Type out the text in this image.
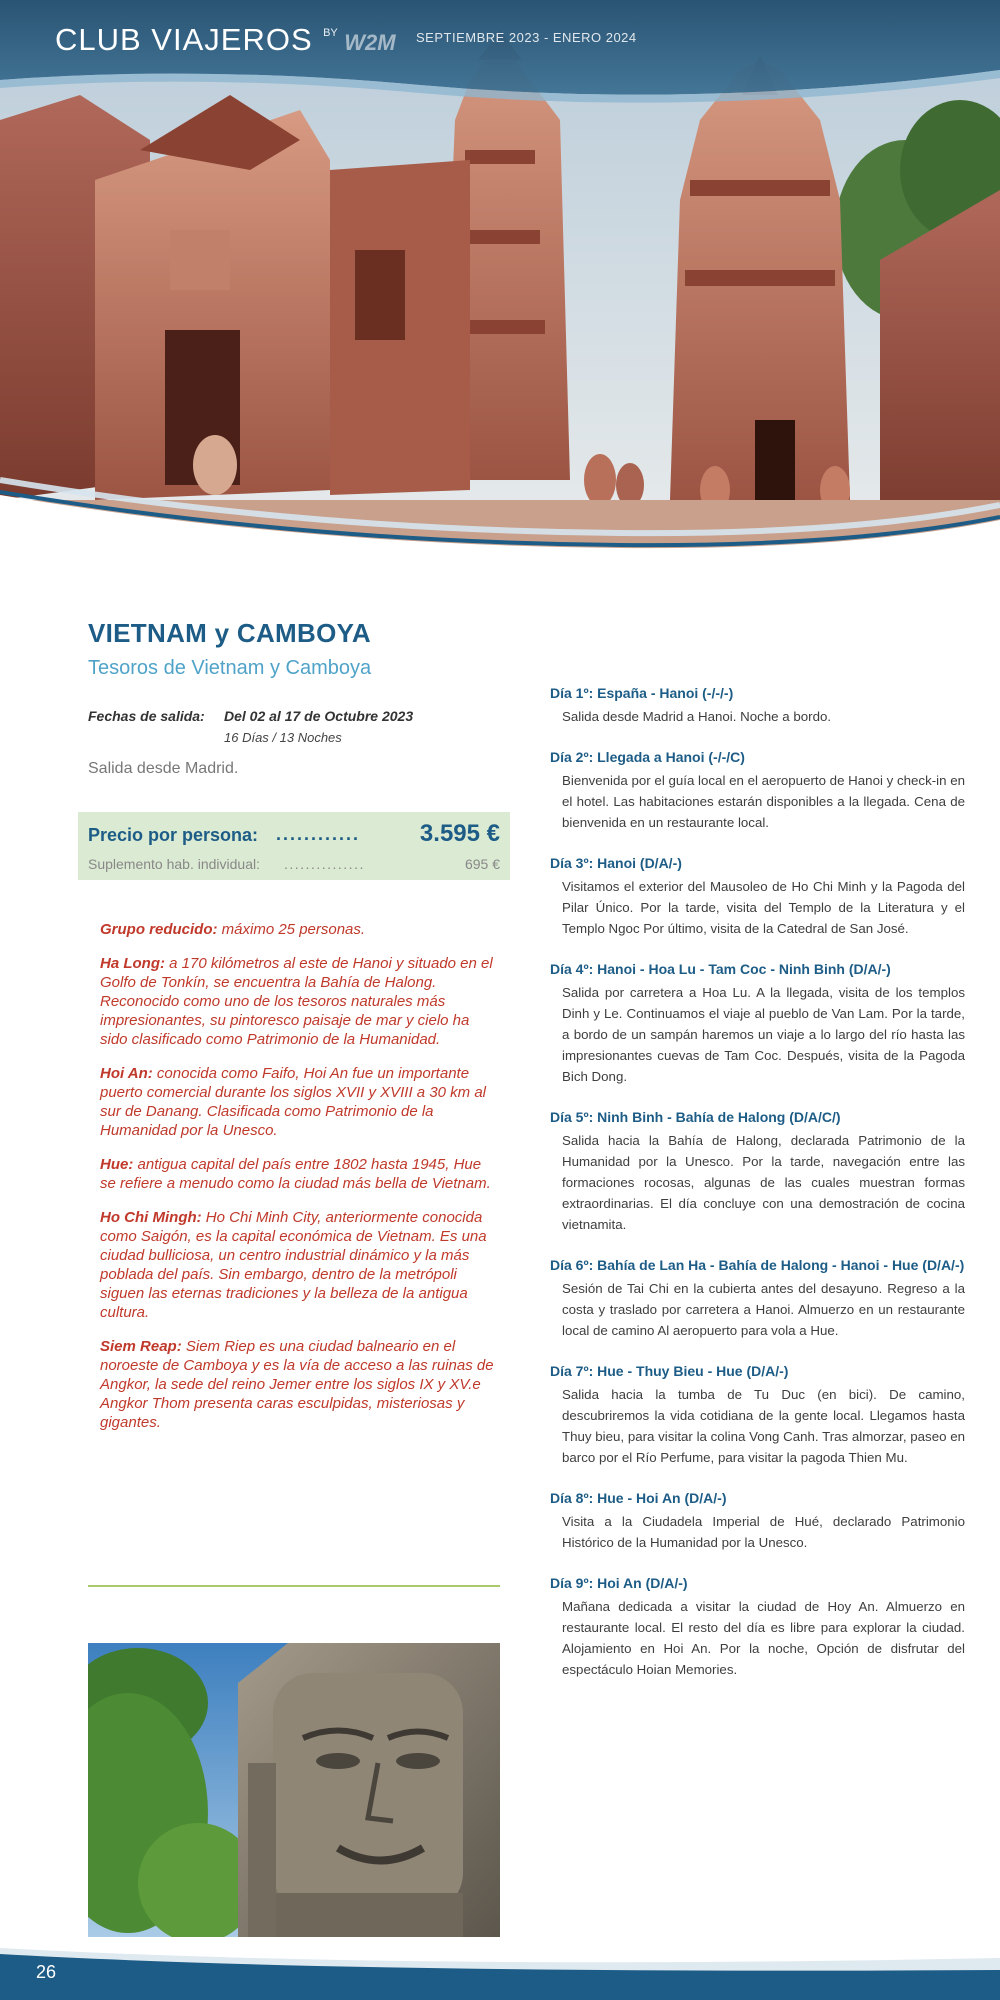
CLUB VIAJEROS $^{BY}$ W2M $^{SEPTIEMBRE 2023 - ENERO 2024}$
VIETNAM y CAMBOYA
Tesoros de Vietnam y Camboya
Fechas de salida: Del 02 al 17 de Octubre 2023
16 Días / 13 Noches
Salida desde Madrid.
Precio por persona: ............ 3.595 €
Suplemento hab. individual: ...............	695 €

Grupo reducido: máximo 25 personas.

Ha Long: a 170 kilómetros al este de Hanoi y situado en el Golfo de Tonkín, se encuentra la Bahía de Halong. Reconocido como uno de los tesoros naturales más impresionantes, su pintoresco paisaje de mar y cielo ha sido clasificado como Patrimonio de la Humanidad.

Hoi An: conocida como Faifo, Hoi An fue un importante puerto comercial durante los siglos XVII y XVIII a 30 km al sur de Danang. Clasificada como Patrimonio de la Humanidad por la Unesco.

Hue: antigua capital del país entre 1802 hasta 1945, Hue se refiere a menudo como la ciudad más bella de Vietnam.

Ho Chi Mingh: Ho Chi Minh City, anteriormente conocida como Saigón, es la capital económica de Vietnam. Es una ciudad bulliciosa, un centro industrial dinámico y la más poblada del país. Sin embargo, dentro de la metrópoli siguen las eternas tradiciones y la belleza de la antigua cultura.

Siem Reap: Siem Riep es una ciudad balneario en el noroeste de Camboya y es la vía de acceso a las ruinas de Angkor, la sede del reino Jemer entre los siglos IX y XV.e Angkor Thom presenta caras esculpidas, misteriosas y gigantes.

Día 1º: España - Hanoi (-/-/-)
Salida desde Madrid a Hanoi. Noche a bordo.
Día 2º: Llegada a Hanoi (-/-/C)
Bienvenida por el guía local en el aeropuerto de Hanoi y check-in en el hotel. Las habitaciones estarán disponibles a la llegada. Cena de bienvenida en un restaurante local.
Día 3º: Hanoi (D/A/-)
Visitamos el exterior del Mausoleo de Ho Chi Minh y la Pagoda del Pilar Único. Por la tarde, visita del Templo de la Literatura y el Templo Ngoc Por último, visita de la Catedral de San José.
Día 4º: Hanoi - Hoa Lu - Tam Coc - Ninh Binh (D/A/-)
Salida por carretera a Hoa Lu. A la llegada, visita de los templos Dinh y Le. Continuamos el viaje al pueblo de Van Lam. Por la tarde, a bordo de un sampán haremos un viaje a lo largo del río hasta las impresionantes cuevas de Tam Coc. Después, visita de la Pagoda Bich Dong.
Día 5º: Ninh Binh - Bahía de Halong (D/A/C/)
Salida hacia la Bahía de Halong, declarada Patrimonio de la Humanidad por la Unesco. Por la tarde, navegación entre las formaciones rocosas, algunas de las cuales muestran formas extraordinarias. El día concluye con una demostración de cocina vietnamita.
Día 6º: Bahía de Lan Ha - Bahía de Halong - Hanoi - Hue (D/A/-)
Sesión de Tai Chi en la cubierta antes del desayuno. Regreso a la costa y traslado por carretera a Hanoi. Almuerzo en un restaurante local de camino Al aeropuerto para vola a Hue.
Día 7º: Hue - Thuy Bieu - Hue (D/A/-)
Salida hacia la tumba de Tu Duc (en bici). De camino, descubriremos la vida cotidiana de la gente local. Llegamos hasta Thuy bieu, para visitar la colina Vong Canh. Tras almorzar, paseo en barco por el Río Perfume, para visitar la pagoda Thien Mu.
Día 8º: Hue - Hoi An (D/A/-)
Visita a la Ciudadela Imperial de Hué, declarado Patrimonio Histórico de la Humanidad por la Unesco.
Día 9º: Hoi An (D/A/-)
Mañana dedicada a visitar la ciudad de Hoy An. Almuerzo en restaurante local. El resto del día es libre para explorar la ciudad. Alojamiento en Hoi An. Por la noche, Opción de disfrutar del espectáculo Hoian Memories.
26
